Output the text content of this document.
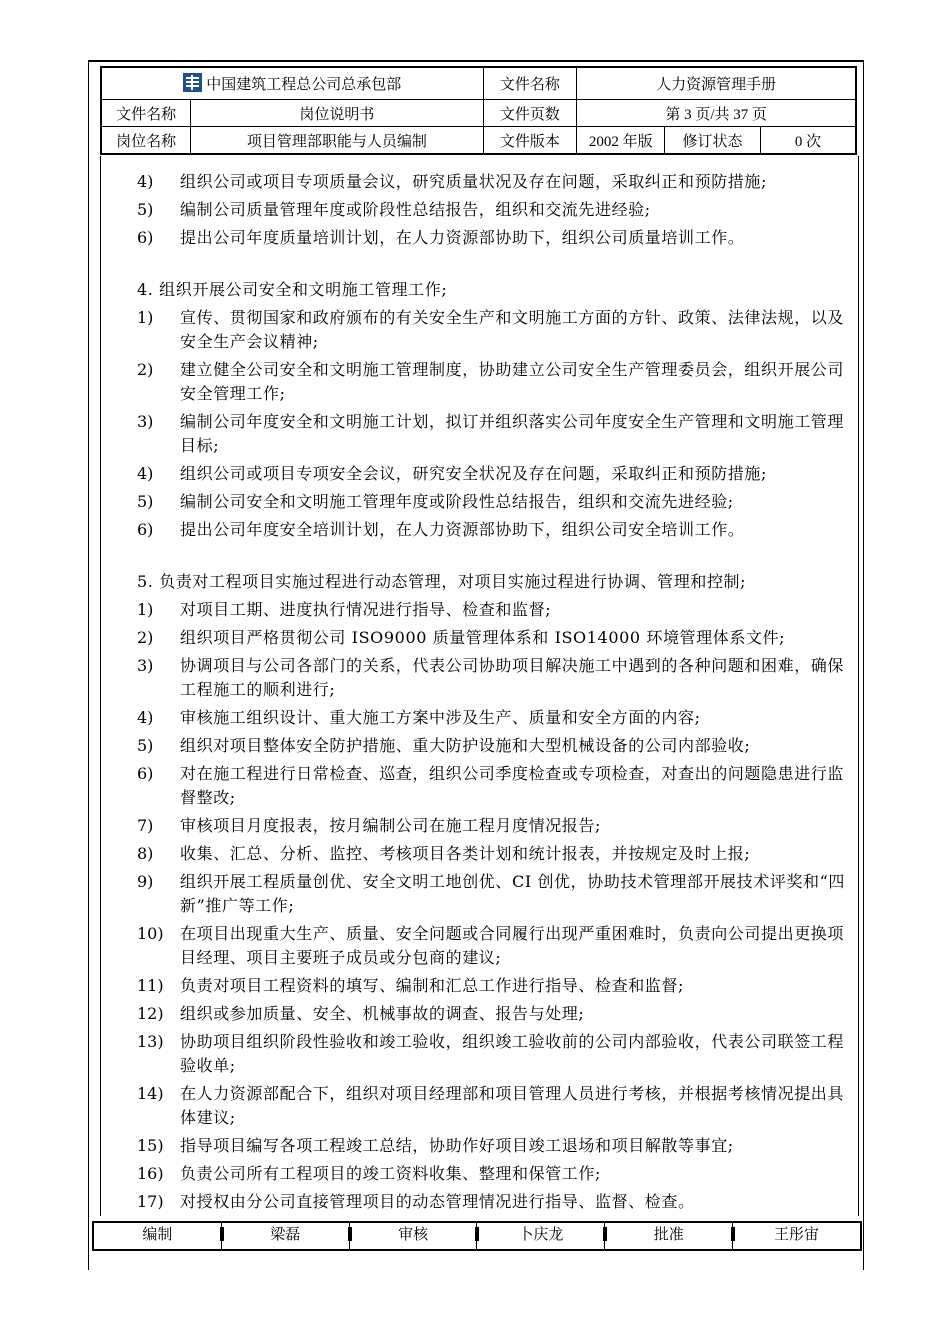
中国建筑工程总公司总承包部		文件名称	人力资源管理手册		
文件名称	岗位说明书	文件页数	第 3 页/共 37 页		
岗位名称	项目管理部职能与人员编制	文件版本	2002 年版	修订状态	0 次
4)	组织公司或项目专项质量会议，研究质量状况及存在问题，采取纠正和预防措施;
5)	编制公司质量管理年度或阶段性总结报告，组织和交流先进经验;
6)	提出公司年度质量培训计划，在人力资源部协助下，组织公司质量培训工作。
4. 组织开展公司安全和文明施工管理工作;
1)	宣传、贯彻国家和政府颁布的有关安全生产和文明施工方面的方针、政策、法律法规，以及安全生产会议精神;
2)	建立健全公司安全和文明施工管理制度，协助建立公司安全生产管理委员会，组织开展公司安全管理工作;
3)	编制公司年度安全和文明施工计划，拟订并组织落实公司年度安全生产管理和文明施工管理目标;
4)	组织公司或项目专项安全会议，研究安全状况及存在问题，采取纠正和预防措施;
5)	编制公司安全和文明施工管理年度或阶段性总结报告，组织和交流先进经验;
6)	提出公司年度安全培训计划，在人力资源部协助下，组织公司安全培训工作。
5. 负责对工程项目实施过程进行动态管理，对项目实施过程进行协调、管理和控制;
1)	对项目工期、进度执行情况进行指导、检查和监督;
2)	组织项目严格贯彻公司 ISO9000 质量管理体系和 ISO14000 环境管理体系文件;
3)	协调项目与公司各部门的关系，代表公司协助项目解决施工中遇到的各种问题和困难，确保工程施工的顺利进行;
4)	审核施工组织设计、重大施工方案中涉及生产、质量和安全方面的内容;
5)	组织对项目整体安全防护措施、重大防护设施和大型机械设备的公司内部验收;
6)	对在施工程进行日常检查、巡查，组织公司季度检查或专项检查，对查出的问题隐患进行监督整改;
7)	审核项目月度报表，按月编制公司在施工程月度情况报告;
8)	收集、汇总、分析、监控、考核项目各类计划和统计报表，并按规定及时上报;
9)	组织开展工程质量创优、安全文明工地创优、CI 创优，协助技术管理部开展技术评奖和“四新”推广等工作;
10)	在项目出现重大生产、质量、安全问题或合同履行出现严重困难时，负责向公司提出更换项目经理、项目主要班子成员或分包商的建议;
11)	负责对项目工程资料的填写、编制和汇总工作进行指导、检查和监督;
12)	组织或参加质量、安全、机械事故的调查、报告与处理;
13)	协助项目组织阶段性验收和竣工验收，组织竣工验收前的公司内部验收，代表公司联签工程验收单;
14)	在人力资源部配合下，组织对项目经理部和项目管理人员进行考核，并根据考核情况提出具体建议;
15)	指导项目编写各项工程竣工总结，协助作好项目竣工退场和项目解散等事宜;
16)	负责公司所有工程项目的竣工资料收集、整理和保管工作;
17)	对授权由分公司直接管理项目的动态管理情况进行指导、监督、检查。
编制	梁磊	审核	卜庆龙	批准	王彤宙
